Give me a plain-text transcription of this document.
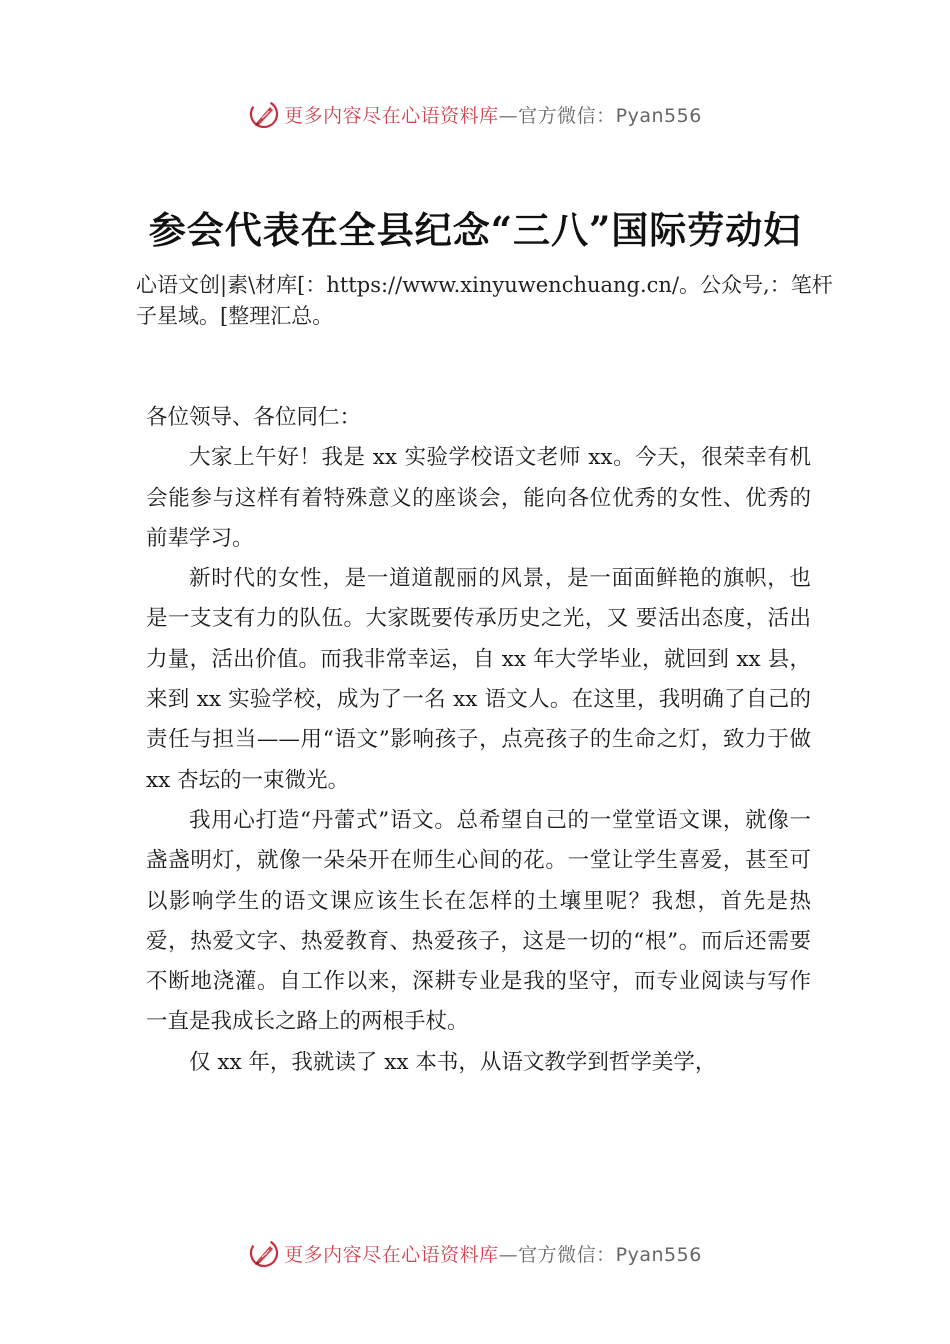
更多内容尽在心语资料库—官方微信：Pyan556
参会代表在全县纪念“三八”国际劳动妇
心语文创|素\材库[：https://www.xinyuwenchuang.cn/。公众号,：笔杆子星域。[整理汇总。

各位领导、各位同仁：

大家上午好！我是 xx 实验学校语文老师 xx。今天，很荣幸有机会能参与这样有着特殊意义的座谈会，能向各位优秀的女性、优秀的前辈学习。

新时代的女性，是一道道靓丽的风景，是一面面鲜艳的旗帜，也是一支支有力的队伍。大家既要传承历史之光，又 要活出态度，活出力量，活出价值。而我非常幸运，自 xx 年大学毕业，就回到 xx 县，来到 xx 实验学校，成为了一名 xx 语文人。在这里，我明确了自己的责任与担当——用“语文”影响孩子，点亮孩子的生命之灯，致力于做 xx 杏坛的一束微光。

我用心打造“丹蕾式”语文。总希望自己的一堂堂语文课，就像一盏盏明灯，就像一朵朵开在师生心间的花。一堂让学生喜爱，甚至可以影响学生的语文课应该生长在怎样的土壤里呢？我想，首先是热爱，热爱文字、热爱教育、热爱孩子，这是一切的“根”。而后还需要不断地浇灌。自工作以来，深耕专业是我的坚守，而专业阅读与写作一直是我成长之路上的两根手杖。

仅 xx 年，我就读了 xx 本书，从语文教学到哲学美学，

更多内容尽在心语资料库—官方微信：Pyan556
